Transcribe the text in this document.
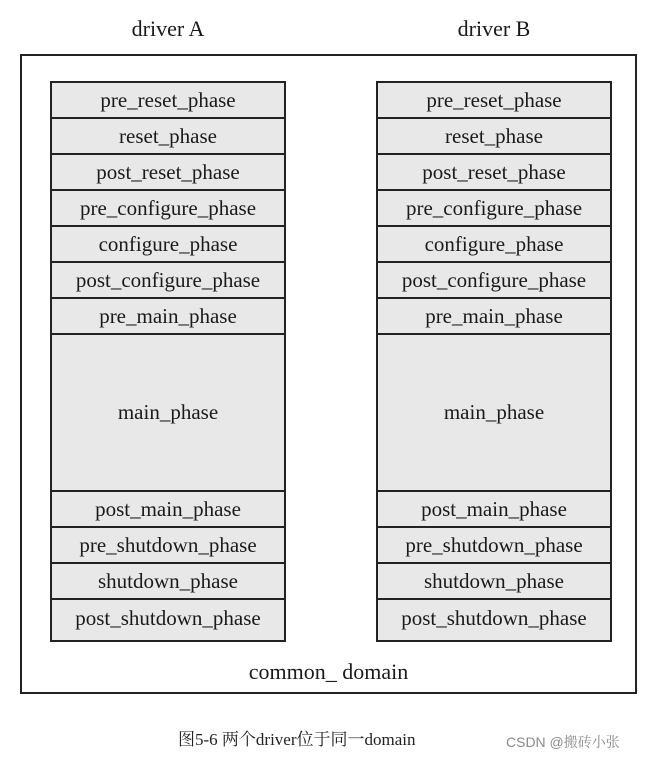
driver A	driver B
pre_reset_phase
reset_phase
post_reset_phase
pre_configure_phase
configure_phase
post_configure_phase
pre_main_phase
main_phase
post_main_phase
pre_shutdown_phase
shutdown_phase
post_shutdown_phase
pre_reset_phase
reset_phase
post_reset_phase
pre_configure_phase
configure_phase
post_configure_phase
pre_main_phase
main_phase
post_main_phase
pre_shutdown_phase
shutdown_phase
post_shutdown_phase
common_ domain
图5-6 两个driver位于同一domain	CSDN @搬砖小张
